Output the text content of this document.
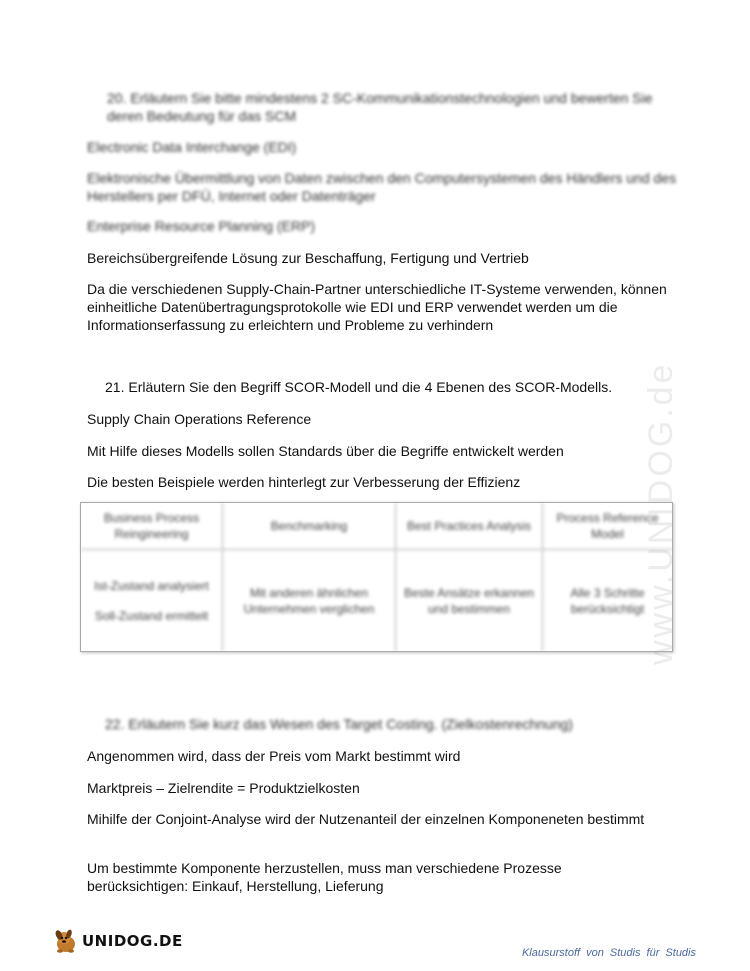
www.UNIDOG.de
20. Erläutern Sie bitte mindestens 2 SC-Kommunikationstechnologien und bewerten Sie deren Bedeutung für das SCM
Electronic Data Interchange (EDI)
Elektronische Übermittlung von Daten zwischen den Computersystemen des Händlers und des Herstellers per DFÜ, Internet oder Datenträger
Enterprise Resource Planning (ERP)
Bereichsübergreifende Lösung zur Beschaffung, Fertigung und Vertrieb
Da die verschiedenen Supply-Chain-Partner unterschiedliche IT-Systeme verwenden, können einheitliche Datenübertragungsprotokolle wie EDI und ERP verwendet werden um die Informationserfassung zu erleichtern und Probleme zu verhindern
21. Erläutern Sie den Begriff SCOR-Modell und die 4 Ebenen des SCOR-Modells.
Supply Chain Operations Reference
Mit Hilfe dieses Modells sollen Standards über die Begriffe entwickelt werden
Die besten Beispiele werden hinterlegt zur Verbesserung der Effizienz
Business Process Reingineering
Benchmarking	Best Practices Analysis
Process Reference Model
Ist-Zustand analysiert
Soll-Zustand ermittelt
Mit anderen ähnlichen Unternehmen verglichen
Beste Ansätze erkannen und bestimmen
Alle 3 Schritte berücksichtigt
22. Erläutern Sie kurz das Wesen des Target Costing. (Zielkostenrechnung)
Angenommen wird, dass der Preis vom Markt bestimmt wird
Marktpreis – Zielrendite = Produktzielkosten
Mihilfe der Conjoint-Analyse wird der Nutzenanteil der einzelnen Komponeneten bestimmt
Um bestimmte Komponente herzustellen, muss man verschiedene Prozesse berücksichtigen: Einkauf, Herstellung, Lieferung
UNIDOG.DE
Klausurstoff von Studis für Studis
